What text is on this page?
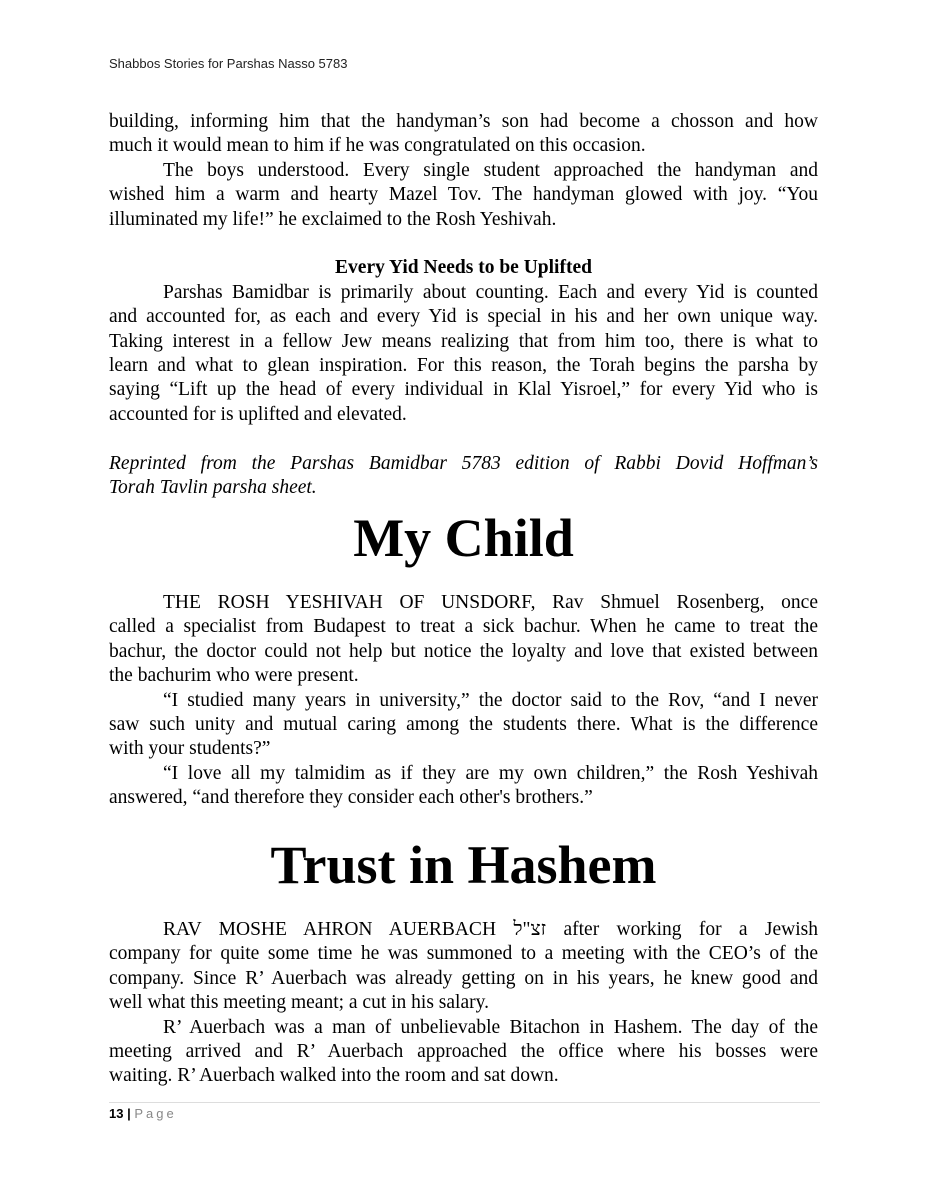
Shabbos Stories for Parshas Nasso 5783
building, informing him that the handyman’s son had become a chosson and how
much it would mean to him if he was congratulated on this occasion.
The boys understood. Every single student approached the handyman and
wished him a warm and hearty Mazel Tov. The handyman glowed with joy. “You
illuminated my life!” he exclaimed to the Rosh Yeshivah.
Every Yid Needs to be Uplifted
Parshas Bamidbar is primarily about counting. Each and every Yid is counted
and accounted for, as each and every Yid is special in his and her own unique way.
Taking interest in a fellow Jew means realizing that from him too, there is what to
learn and what to glean inspiration. For this reason, the Torah begins the parsha by
saying “Lift up the head of every individual in Klal Yisroel,” for every Yid who is
accounted for is uplifted and elevated.
Reprinted from the Parshas Bamidbar 5783 edition of Rabbi Dovid Hoffman’s
Torah Tavlin parsha sheet.
My Child
THE ROSH YESHIVAH OF UNSDORF, Rav Shmuel Rosenberg, once
called a specialist from Budapest to treat a sick bachur. When he came to treat the
bachur, the doctor could not help but notice the loyalty and love that existed between
the bachurim who were present.
“I studied many years in university,” the doctor said to the Rov, “and I never
saw such unity and mutual caring among the students there. What is the difference
with your students?”
“I love all my talmidim as if they are my own children,” the Rosh Yeshivah
answered, “and therefore they consider each other's brothers.”
Trust in Hashem
RAV MOSHE AHRON AUERBACH זצ"ל after working for a Jewish
company for quite some time he was summoned to a meeting with the CEO’s of the
company. Since R’ Auerbach was already getting on in his years, he knew good and
well what this meeting meant; a cut in his salary.
R’ Auerbach was a man of unbelievable Bitachon in Hashem. The day of the
meeting arrived and R’ Auerbach approached the office where his bosses were
waiting. R’ Auerbach walked into the room and sat down.
13 | Page
